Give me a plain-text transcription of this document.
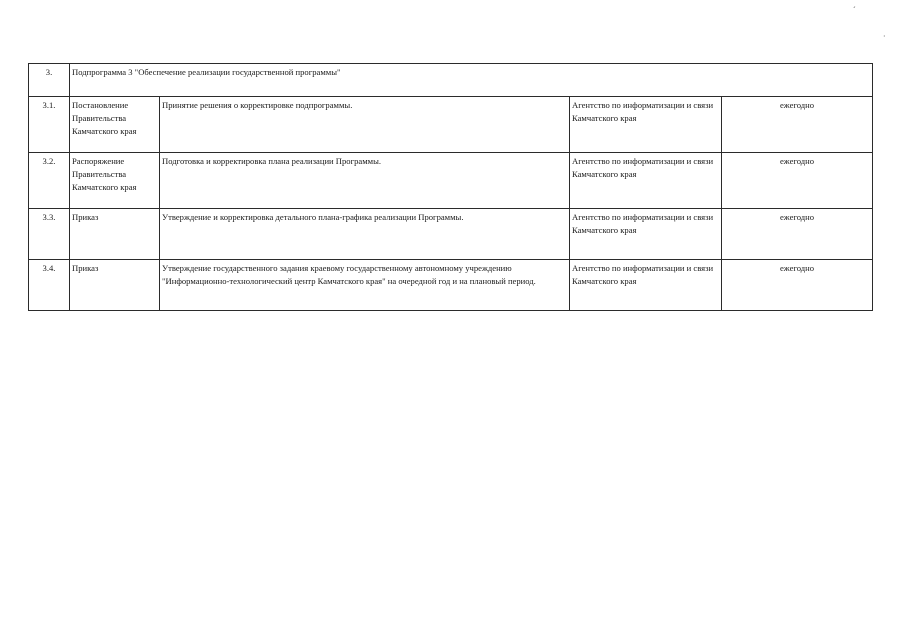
ˊ
·
3.	Подпрограмма 3 "Обеспечение реализации государственной программы"			
3.1.	Постановление Правительства Камчатского края	Принятие решения о корректировке подпрограммы.	Агентство по информатизации и связи Камчатского края	ежегодно
3.2.	Распоряжение Правительства Камчатского края	Подготовка и корректировка плана реализации Программы.	Агентство по информатизации и связи Камчатского края	ежегодно
3.3.	Приказ	Утверждение и корректировка детального плана-графика реализации Программы.	Агентство по информатизации и связи Камчатского края	ежегодно
3.4.	Приказ	Утверждение государственного задания краевому государственному автономному учреждению "Информационно-технологический центр Камчатского края" на очередной год и на плановый период.	Агентство по информатизации и связи Камчатского края	ежегодно
